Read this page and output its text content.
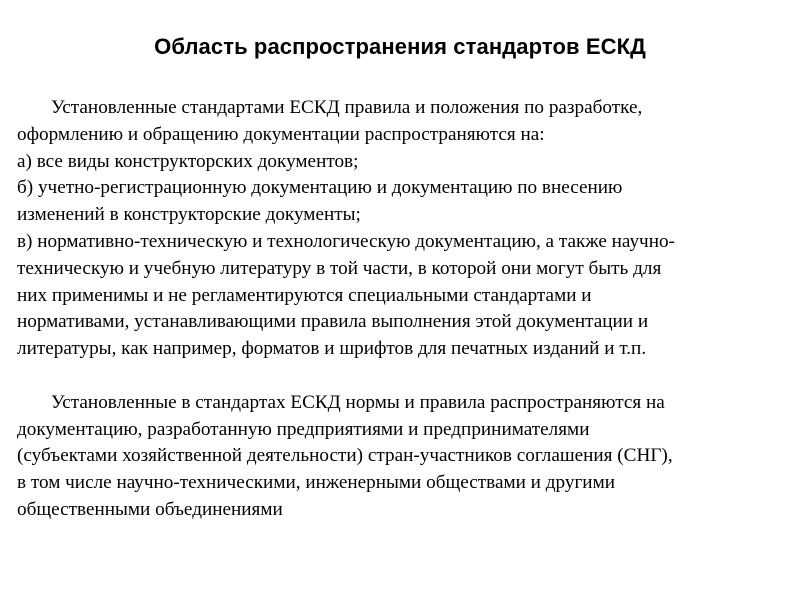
Область распространения стандартов ЕСКД
Установленные стандартами ЕСКД правила и положения по разработке,
оформлению и обращению документации распространяются на:
а) все виды конструкторских документов;
б) учетно-регистрационную документацию и документацию по внесению
изменений в конструкторские документы;
в) нормативно-техническую и технологическую документацию, а также научно-
техническую и учебную литературу в той части, в которой они могут быть для
них применимы и не регламентируются специальными стандартами и
нормативами, устанавливающими правила выполнения этой документации и
литературы, как например, форматов и шрифтов для печатных изданий и т.п.
Установленные в стандартах ЕСКД нормы и правила распространяются на
документацию, разработанную предприятиями и предпринимателями
(субъектами хозяйственной деятельности) стран-участников соглашения (СНГ),
в том числе научно-техническими, инженерными обществами и другими
общественными объединениями
